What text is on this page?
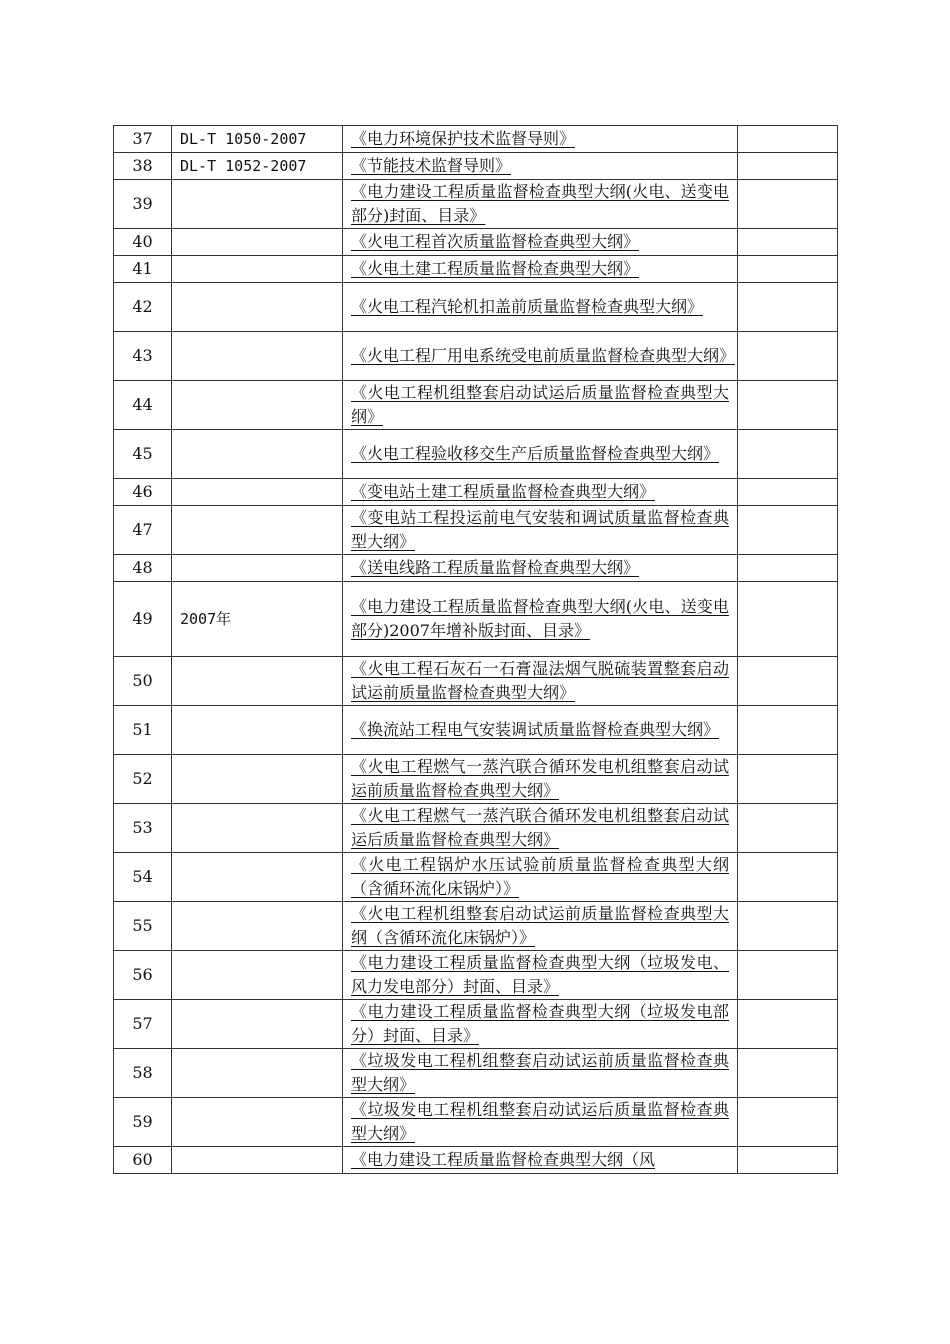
37	DL-T 1050-2007	《电力环境保护技术监督导则》	

38	DL-T 1052-2007	《节能技术监督导则》	

39		《电力建设工程质量监督检查典型大纲(火电、送变电部分)封面、目录》	

40		《火电工程首次质量监督检查典型大纲》	

41		《火电土建工程质量监督检查典型大纲》	

42		《火电工程汽轮机扣盖前质量监督检查典型大纲》	

43		《火电工程厂用电系统受电前质量监督检查典型大纲》	

44		《火电工程机组整套启动试运后质量监督检查典型大纲》	

45		《火电工程验收移交生产后质量监督检查典型大纲》	

46		《变电站土建工程质量监督检查典型大纲》	

47		《变电站工程投运前电气安装和调试质量监督检查典型大纲》	

48		《送电线路工程质量监督检查典型大纲》	

49	2007年	《电力建设工程质量监督检查典型大纲(火电、送变电部分)2007年增补版封面、目录》	

50		《火电工程石灰石一石膏湿法烟气脱硫装置整套启动试运前质量监督检查典型大纲》	

51		《换流站工程电气安装调试质量监督检查典型大纲》	

52		《火电工程燃气一蒸汽联合循环发电机组整套启动试运前质量监督检查典型大纲》	

53		《火电工程燃气一蒸汽联合循环发电机组整套启动试运后质量监督检查典型大纲》	

54		《火电工程锅炉水压试验前质量监督检查典型大纲（含循环流化床锅炉）》	

55		《火电工程机组整套启动试运前质量监督检查典型大纲（含循环流化床锅炉）》	

56		《电力建设工程质量监督检查典型大纲（垃圾发电、风力发电部分）封面、目录》	

57		《电力建设工程质量监督检查典型大纲（垃圾发电部分）封面、目录》	

58		《垃圾发电工程机组整套启动试运前质量监督检查典型大纲》	

59		《垃圾发电工程机组整套启动试运后质量监督检查典型大纲》	

60		《电力建设工程质量监督检查典型大纲（风	
